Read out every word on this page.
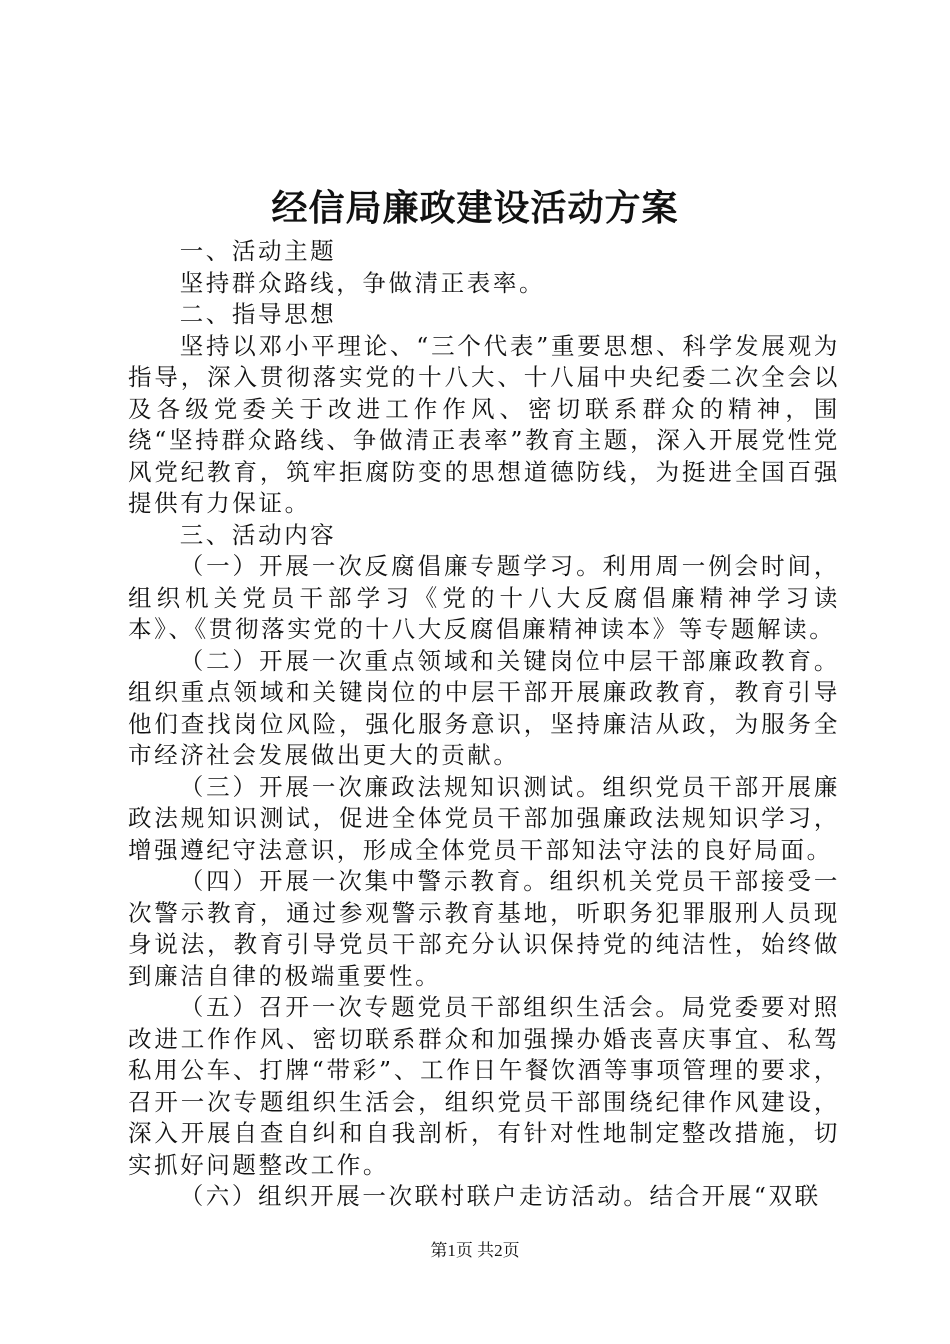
经信局廉政建设活动方案

一、活动主题

坚持群众路线，争做清正表率。

二、指导思想

坚持以邓小平理论、“三个代表”重要思想、科学发展观为指导，深入贯彻落实党的十八大、十八届中央纪委二次全会以及各级党委关于改进工作作风、密切联系群众的精神，围绕“坚持群众路线、争做清正表率”教育主题，深入开展党性党风党纪教育，筑牢拒腐防变的思想道德防线，为挺进全国百强提供有力保证。

三、活动内容

（一）开展一次反腐倡廉专题学习。利用周一例会时间，组织机关党员干部学习《党的十八大反腐倡廉精神学习读本》、《贯彻落实党的十八大反腐倡廉精神读本》等专题解读。

（二）开展一次重点领域和关键岗位中层干部廉政教育。组织重点领域和关键岗位的中层干部开展廉政教育，教育引导他们查找岗位风险，强化服务意识，坚持廉洁从政，为服务全市经济社会发展做出更大的贡献。

（三）开展一次廉政法规知识测试。组织党员干部开展廉政法规知识测试，促进全体党员干部加强廉政法规知识学习，增强遵纪守法意识，形成全体党员干部知法守法的良好局面。

（四）开展一次集中警示教育。组织机关党员干部接受一次警示教育，通过参观警示教育基地，听职务犯罪服刑人员现身说法，教育引导党员干部充分认识保持党的纯洁性，始终做到廉洁自律的极端重要性。

（五）召开一次专题党员干部组织生活会。局党委要对照改进工作作风、密切联系群众和加强操办婚丧喜庆事宜、私驾私用公车、打牌“带彩”、工作日午餐饮酒等事项管理的要求，召开一次专题组织生活会，组织党员干部围绕纪律作风建设，深入开展自查自纠和自我剖析，有针对性地制定整改措施，切实抓好问题整改工作。

（六）组织开展一次联村联户走访活动。结合开展“双联

第1页 共2页
